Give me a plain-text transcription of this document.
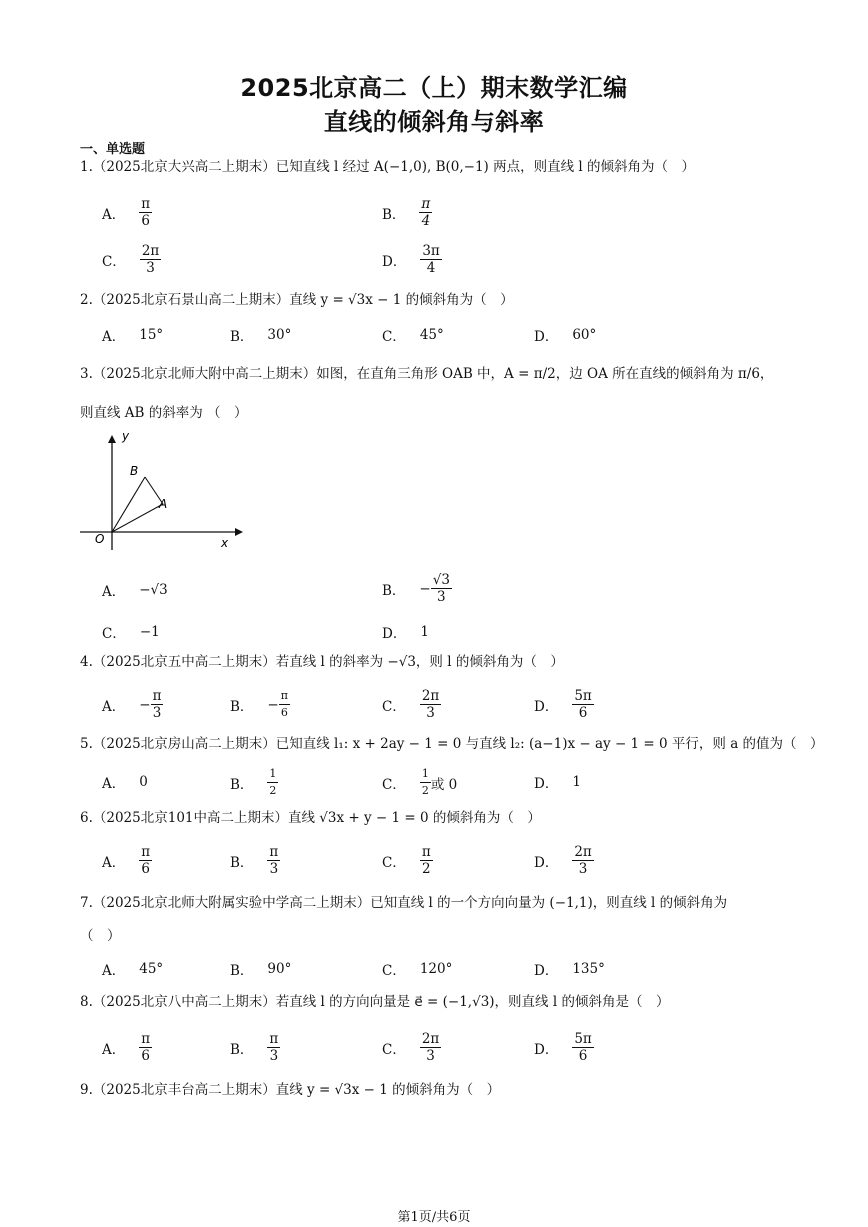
2025北京高二（上）期末数学汇编
直线的倾斜角与斜率
一、单选题
1.（2025北京大兴高二上期末）已知直线 l 经过 A(−1,0), B(0,−1) 两点，则直线 l 的倾斜角为（　）
A． $\frac{\pi}{6}$	B． $\frac{\pi}{4}$
C． $\frac{2\pi}{3}$	D． $\frac{3\pi}{4}$
2.（2025北京石景山高二上期末）直线 y = √3x − 1 的倾斜角为（　）
A． 15°	B． 30°	C． 45°	D． 60°
3.（2025北京北师大附中高二上期末）如图，在直角三角形 OAB 中，A = π/2，边 OA 所在直线的倾斜角为 π/6，
则直线 AB 的斜率为 （　）
y
x
O
A
B
A． −√3	B． − $\frac{√3}{3}$
C． −1	D． 1
4.（2025北京五中高二上期末）若直线 l 的斜率为 −√3，则 l 的倾斜角为（　）
A． − $\frac{\pi}{3}$	B． − $\frac{\pi}{6}$	C． $\frac{2\pi}{3}$	D． $\frac{5\pi}{6}$
5.（2025北京房山高二上期末）已知直线 l₁: x + 2ay − 1 = 0 与直线 l₂: (a−1)x − ay − 1 = 0 平行，则 a 的值为（　）
A． 0	B． $\frac{1}{2}$	C． $\frac{1}{2}$ 或 0	D． 1
6.（2025北京101中高二上期末）直线 √3x + y − 1 = 0 的倾斜角为（　）
A． $\frac{\pi}{6}$	B． $\frac{\pi}{3}$	C． $\frac{\pi}{2}$	D． $\frac{2\pi}{3}$
7.（2025北京北师大附属实验中学高二上期末）已知直线 l 的一个方向向量为 (−1,1)，则直线 l 的倾斜角为
（　）
A． 45°	B． 90°	C． 120°	D． 135°
8.（2025北京八中高二上期末）若直线 l 的方向向量是 e⃗ = (−1,√3)，则直线 l 的倾斜角是（　）
A． $\frac{\pi}{6}$	B． $\frac{\pi}{3}$	C． $\frac{2\pi}{3}$	D． $\frac{5\pi}{6}$
9.（2025北京丰台高二上期末）直线 y = √3x − 1 的倾斜角为（　）
第1页/共6页
